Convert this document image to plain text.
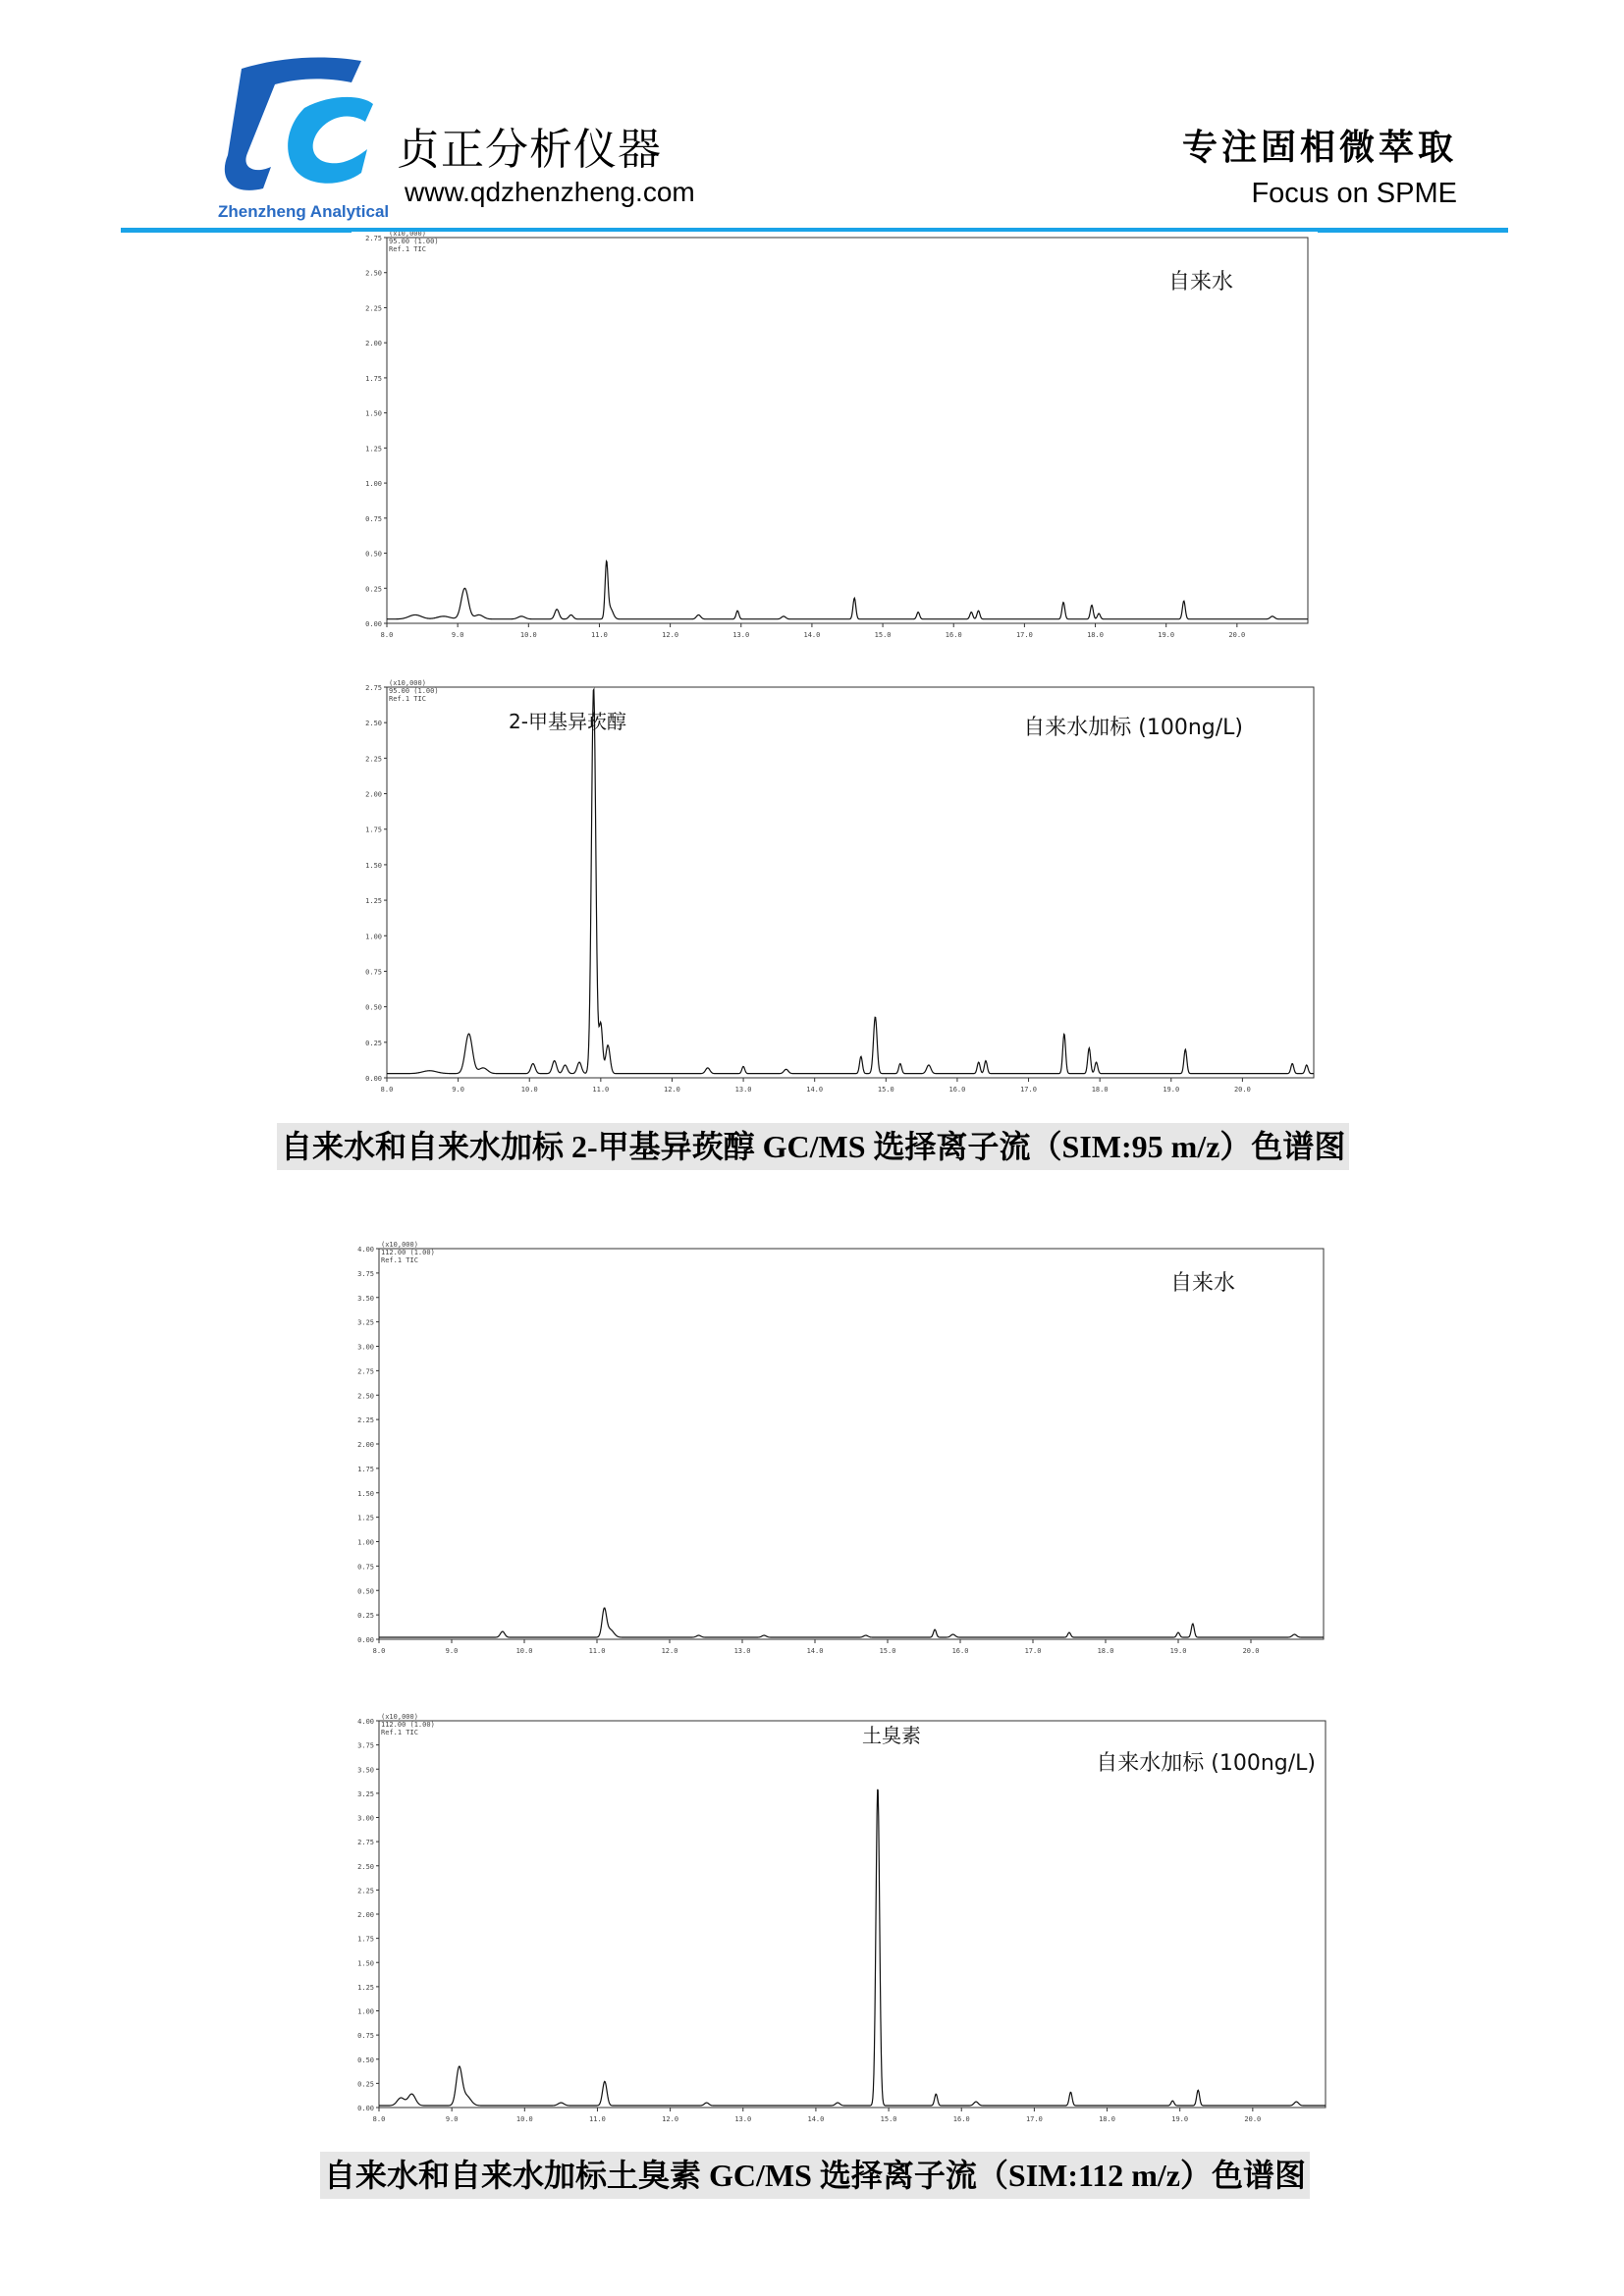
Zhenzheng Analytical
贞正分析仪器
www.qdzhenzheng.com
专注固相微萃取
Focus on SPME
0.00
0.25
0.50
0.75
1.00
1.25
1.50
1.75
2.00
2.25
2.50
2.75
8.0	9.0	10.0	11.0	12.0	13.0	14.0	15.0	16.0	17.0	18.0	19.0	20.0
(x10,000)
95.00 (1.00)
Ref.1 TIC
自来水
0.00
0.25
0.50
0.75
1.00
1.25
1.50
1.75
2.00
2.25
2.50
2.75
8.0	9.0	10.0	11.0	12.0	13.0	14.0	15.0	16.0	17.0	18.0	19.0	20.0
(x10,000)
95.00 (1.00)
Ref.1 TIC
自来水加标 (100ng/L)
2-甲基异莰醇
自来水和自来水加标 2-甲基异莰醇 GC/MS 选择离子流（SIM:95 m/z）色谱图
0.00
0.25
0.50
0.75
1.00
1.25
1.50
1.75
2.00
2.25
2.50
2.75
3.00
3.25
3.50
3.75
4.00
8.0	9.0	10.0	11.0	12.0	13.0	14.0	15.0	16.0	17.0	18.0	19.0	20.0
(x10,000)
112.00 (1.00)
Ref.1 TIC
自来水
0.00
0.25
0.50
0.75
1.00
1.25
1.50
1.75
2.00
2.25
2.50
2.75
3.00
3.25
3.50
3.75
4.00
8.0	9.0	10.0	11.0	12.0	13.0	14.0	15.0	16.0	17.0	18.0	19.0	20.0
(x10,000)
112.00 (1.00)
Ref.1 TIC
自来水加标 (100ng/L)
土臭素
自来水和自来水加标土臭素 GC/MS 选择离子流（SIM:112 m/z）色谱图
